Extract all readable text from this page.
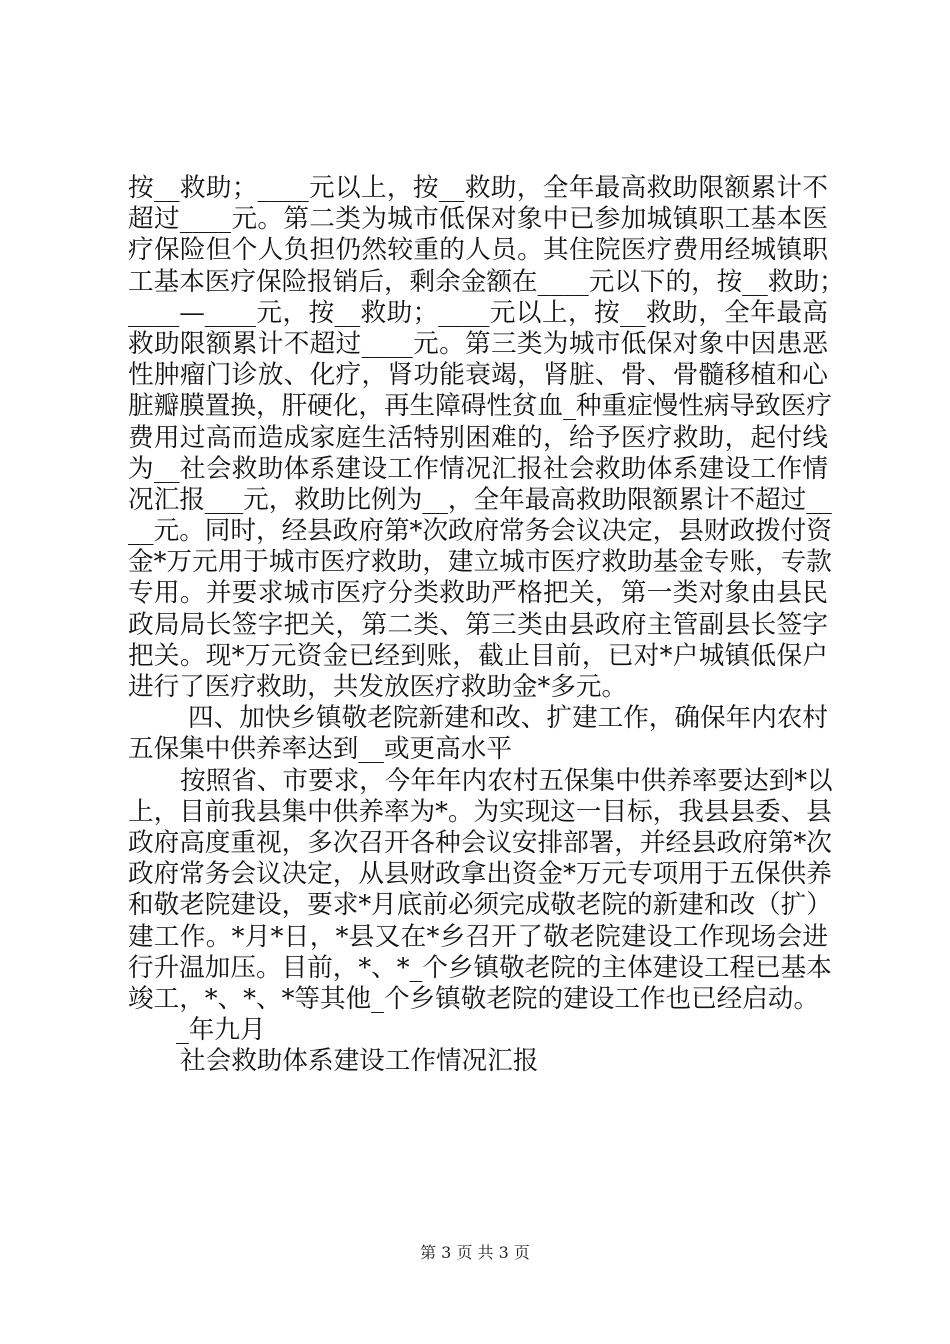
按__救助；____元以上，按__救助，全年最高救助限额累计不
超过____元。第二类为城市低保对象中已参加城镇职工基本医
疗保险但个人负担仍然较重的人员。其住院医疗费用经城镇职
工基本医疗保险报销后，剩余金额在____元以下的，按__救助；
____—____元，按__救助；____元以上，按__救助，全年最高
救助限额累计不超过____元。第三类为城市低保对象中因患恶
性肿瘤门诊放、化疗，肾功能衰竭，肾脏、骨、骨髓移植和心
脏瓣膜置换，肝硬化，再生障碍性贫血_种重症慢性病导致医疗
费用过高而造成家庭生活特别困难的，给予医疗救助，起付线
为__社会救助体系建设工作情况汇报社会救助体系建设工作情
况汇报___元，救助比例为__，全年最高救助限额累计不超过__
__元。同时，经县政府第*次政府常务会议决定，县财政拨付资
金*万元用于城市医疗救助，建立城市医疗救助基金专账，专款
专用。并要求城市医疗分类救助严格把关，第一类对象由县民
政局局长签字把关，第二类、第三类由县政府主管副县长签字
把关。现*万元资金已经到账，截止目前，已对*户城镇低保户
进行了医疗救助，共发放医疗救助金*多元。
四、加快乡镇敬老院新建和改、扩建工作，确保年内农村
五保集中供养率达到__或更高水平
按照省、市要求，今年年内农村五保集中供养率要达到*以
上，目前我县集中供养率为*。为实现这一目标，我县县委、县
政府高度重视，多次召开各种会议安排部署，并经县政府第*次
政府常务会议决定，从县财政拿出资金*万元专项用于五保供养
和敬老院建设，要求*月底前必须完成敬老院的新建和改（扩）
建工作。*月*日，*县又在*乡召开了敬老院建设工作现场会进
行升温加压。目前，*、*_个乡镇敬老院的主体建设工程已基本
竣工，*、*、*等其他_个乡镇敬老院的建设工作也已经启动。
_年九月
社会救助体系建设工作情况汇报
第 3 页 共 3 页
